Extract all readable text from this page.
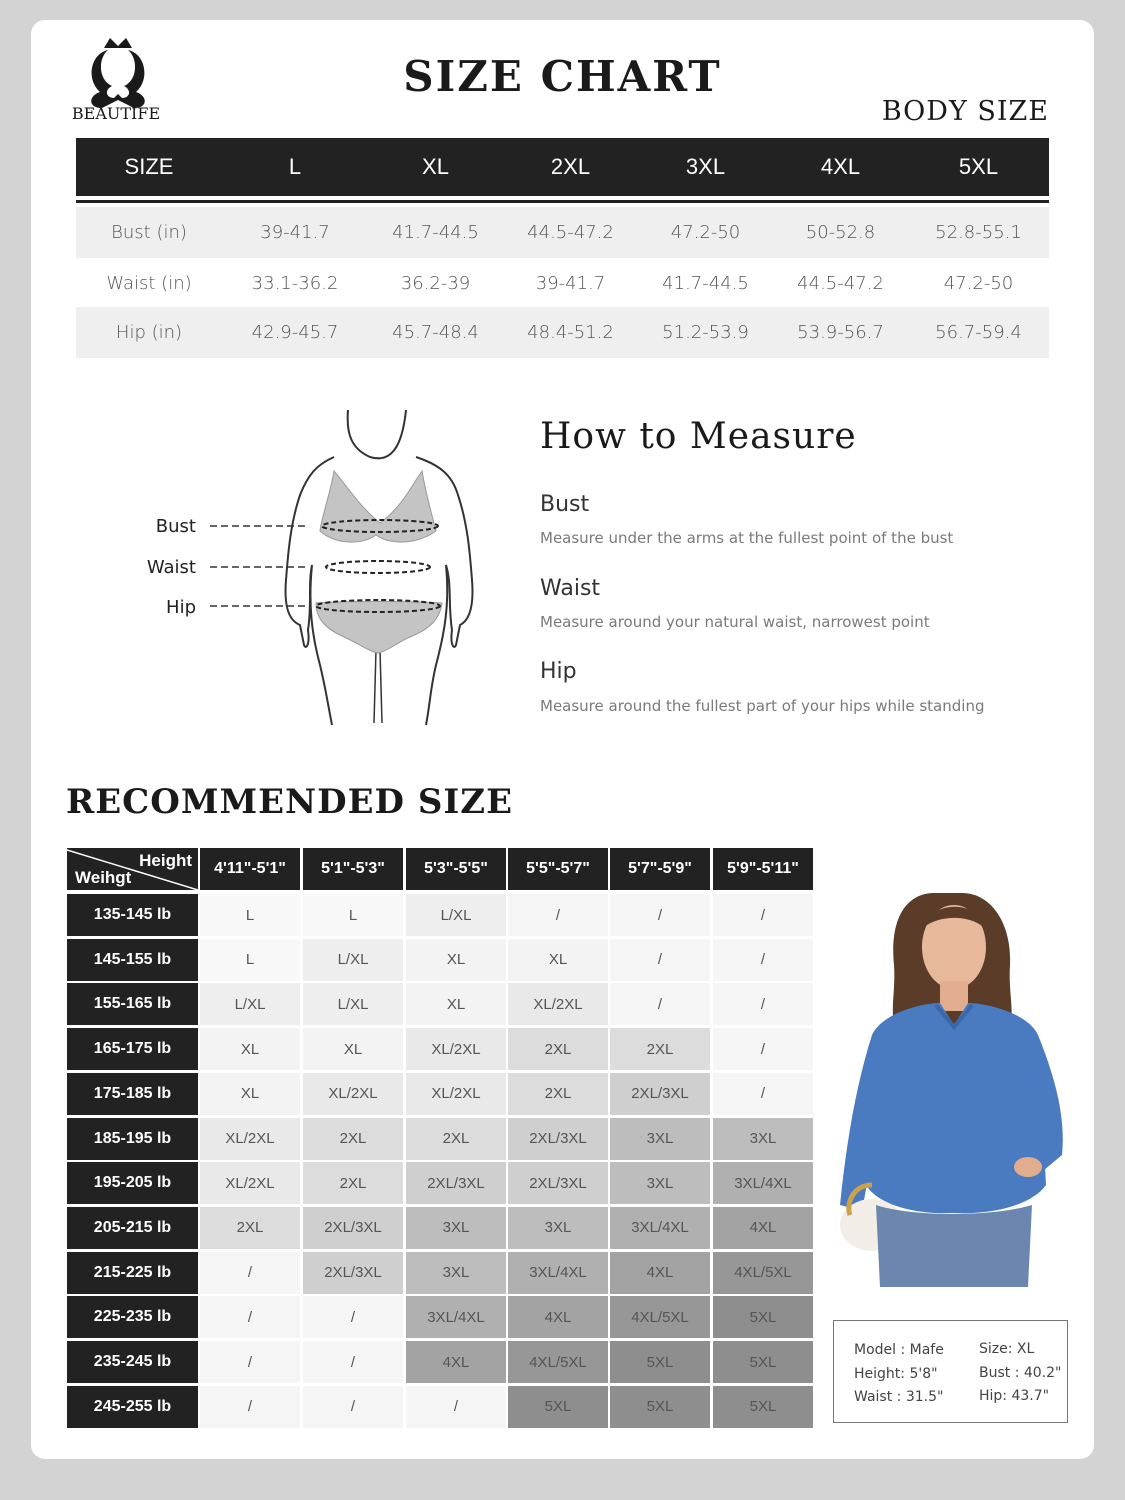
BEAUTIFE
SIZE CHART
BODY SIZE
SIZE	L	XL	2XL	3XL	4XL	5XL
Bust (in)	39-41.7	41.7-44.5	44.5-47.2	47.2-50	50-52.8	52.8-55.1
Waist (in)	33.1-36.2	36.2-39	39-41.7	41.7-44.5	44.5-47.2	47.2-50
Hip (in)	42.9-45.7	45.7-48.4	48.4-51.2	51.2-53.9	53.9-56.7	56.7-59.4
Bust
Waist
Hip
How to Measure
Bust
Measure under the arms at the fullest point of the bust
Waist
Measure around your natural waist, narrowest point
Hip
Measure around the fullest part of your hips while standing
RECOMMENDED SIZE
Height
Weihgt	4'11"-5'1"	5'1"-5'3"	5'3"-5'5"	5'5"-5'7"	5'7"-5'9"	5'9"-5'11"
135-145 lb	L	L	L/XL	/	/	/
145-155 lb	L	L/XL	XL	XL	/	/
155-165 lb	L/XL	L/XL	XL	XL/2XL	/	/
165-175 lb	XL	XL	XL/2XL	2XL	2XL	/
175-185 lb	XL	XL/2XL	XL/2XL	2XL	2XL/3XL	/
185-195 lb	XL/2XL	2XL	2XL	2XL/3XL	3XL	3XL
195-205 lb	XL/2XL	2XL	2XL/3XL	2XL/3XL	3XL	3XL/4XL
205-215 lb	2XL	2XL/3XL	3XL	3XL	3XL/4XL	4XL
215-225 lb	/	2XL/3XL	3XL	3XL/4XL	4XL	4XL/5XL
225-235 lb	/	/	3XL/4XL	4XL	4XL/5XL	5XL
235-245 lb	/	/	4XL	4XL/5XL	5XL	5XL
245-255 lb	/	/	/	5XL	5XL	5XL
Model : Mafe
Height: 5'8"
Waist : 31.5"
Size: XL
Bust : 40.2"
Hip: 43.7"
